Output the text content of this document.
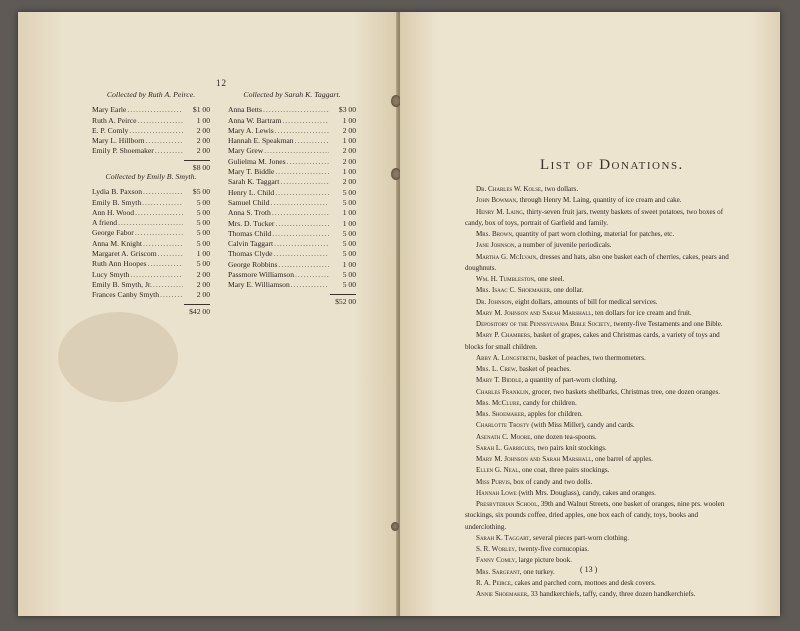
12
Collected by Ruth A. Peirce.
Mary Earle .....	$1 00
Ruth A. Peirce .....	1 00
E. P. Comly .....	2 00
Mary L. Hillborn .....	2 00
Emily P. Shoemaker .....	2 00
$8 00
Collected by Emily B. Smyth.
Lydia B. Paxson .....	$5 00
Emily B. Smyth .....	5 00
Ann H. Wood .....	5 00
A friend .....	5 00
George Fabor .....	5 00
Anna M. Knight .....	5 00
Margaret A. Griscom .....	1 00
Ruth Ann Hoopes .....	5 00
Lucy Smyth .....	2 00
Emily B. Smyth, Jr. .....	2 00
Frances Canby Smyth .....	2 00
$42 00
Collected by Sarah K. Taggart.
Anna Betts .....	$3 00
Anna W. Bartram .....	1 00
Mary A. Lewis .....	2 00
Hannah E. Speakman .....	1 00
Mary Grew .....	2 00
Gulielma M. Jones .....	2 00
Mary T. Biddle .....	1 00
Sarah K. Taggart .....	2 00
Henry L. Child .....	5 00
Samuel Child .....	5 00
Anna S. Troth .....	1 00
Mrs. D. Tucker .....	1 00
Thomas Child .....	5 00
Calvin Taggart .....	5 00
Thomas Clyde .....	5 00
George Robbins .....	1 00
Passmore Williamson .....	5 00
Mary E. Williamson .....	5 00
$52 00
List of Donations.

Dr. Charles W. Kolse, two dollars.

John Bowman, through Henry M. Laing, quantity of ice cream and cake.

Henry M. Laing, thirty-seven fruit jars, twenty baskets of sweet potatoes, two boxes of candy, box of toys, portrait of Garfield and family.

Mrs. Brown, quantity of part worn clothing, material for patches, etc.

Jane Johnson, a number of juvenile periodicals.

Martha G. McIlvain, dresses and hats, also one basket each of cherries, cakes, pears and doughnuts.

Wm. H. Tumbleston, one steel.

Mrs. Isaac C. Shoemaker, one dollar.

Dr. Johnson, eight dollars, amounts of bill for medical services.

Mary M. Johnson and Sarah Marshall, ten dollars for ice cream and fruit.

Depository of the Pennsylvania Bible Society, twenty-five Testaments and one Bible.

Mary P. Chambers, basket of grapes, cakes and Christmas cards, a variety of toys and blocks for small children.

Abby A. Longstreth, basket of peaches, two thermometers.

Mrs. L. Crew, basket of peaches.

Mary T. Biddle, a quantity of part-worn clothing.

Charles Franklin, grocer, two baskets shellbarks, Christmas tree, one dozen oranges.

Mrs. McClure, candy for children.

Mrs. Shoemaker, apples for children.

Charlotte Trosty (with Miss Miller), candy and cards.

Asenath C. Moore, one dozen tea-spoons.

Sarah L. Garrigues, two pairs knit stockings.

Mary M. Johnson and Sarah Marshall, one barrel of apples.

Ellen G. Neal, one coat, three pairs stockings.

Miss Purvis, box of candy and two dolls.

Hannah Lowe (with Mrs. Douglass), candy, cakes and oranges.

Presbyterian School, 39th and Walnut Streets, one basket of oranges, nine prs. woolen stockings, six pounds coffee, dried apples, one box each of candy, toys, books and underclothing.

Sarah K. Taggart, several pieces part-worn clothing.

S. R. Worley, twenty-five cornucopias.

Fanny Comly, large picture book.

Mrs. Sargeant, one turkey.

R. A. Peirce, cakes and parched corn, mottoes and desk covers.

Annie Shoemaker, 33 handkerchiefs, taffy, candy, three dozen handkerchiefs.

( 13 )
